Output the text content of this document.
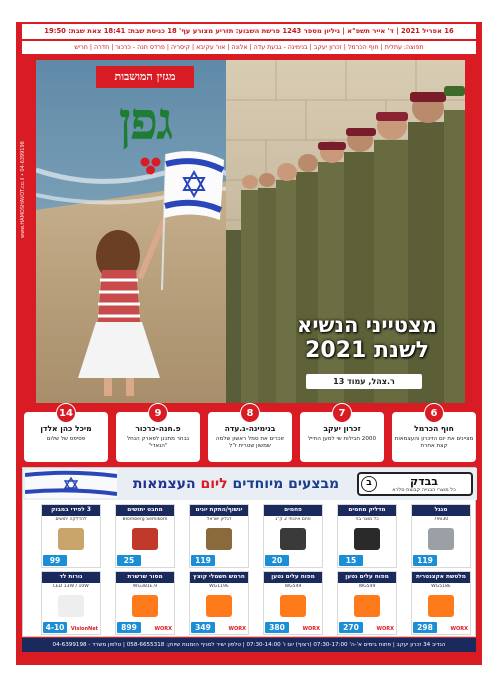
16 אפריל 2021 | ד' אייר תשפ"א | גיליון מספר 1243 פרשת השבוע: תזריע מצורע עף' 18 כניסת שבת: 18:41 צאת שבת: 19:50
תפוצה: עתלית | חוף הכרמל | זכרון יעקב | בנימינה - גבעת עדה | אלונה | אור עקיבא | קיסריה | פרדס חנה - כרכור | חדרה | חריש
www.HAMOSHAVOT.co.il • 04-6399198
מגזין המושבות
גפן
מצטייני הנשיא
לשנת 2021
ר.צהל, עמוד 13
6
חוף הכרמל
מציינים את יום הזיכרון והעצמאות קצת אחרת
7
זכרון יעקב
2000 חבילות שי למען החייל
8
בנימינה-ג.עדה
זוכרים את סמל ראשון שלמה שמשון שטרית ז"ל
9
פ.חנה-כרכור
נבחר מתכנן לפארק הנחל "הנאדי"
14
מיכל כהן אלדן
פסיפס של שלום
מבצעים מיוחדים ליום העצמאות	ב	בבדק
כל מוצרי הבנייה קבוצת סלרא
מנגל
79x30
119
מדליק מחמים
כל מוצר בו!
15
פחמים
פחם איכותי 2 ק"ג
20
ינשוף/התקת יוגים
דגליון ישראל
119
מחבט יתושים
Blomberg Semikom
25
3 לפידי במבוק
להדלקה יתושים
99
מלטשת אקצנטרית
WG518E
WORX
298
מפוח עלים נטען
WG549
WORX
270
מפוח עלים נטען
WG549
WORX
380
חרמש חשמלי קוצץ
WG119E
WORX
349
מסור שרשרת
WG381E.9
WORX
899
נורות לד
LED 13W / 10W
VisionNet
4-10
הנדיב 34 זכרון יעקב | פתוח בימים א'-ה' 07:30-17:00 (רצוף) יום ו' 07:30-14:00 | טלפון ישיר לסניף הזמנות שיווק: 058-6655318 | טלפון משרד - 04-6399198
